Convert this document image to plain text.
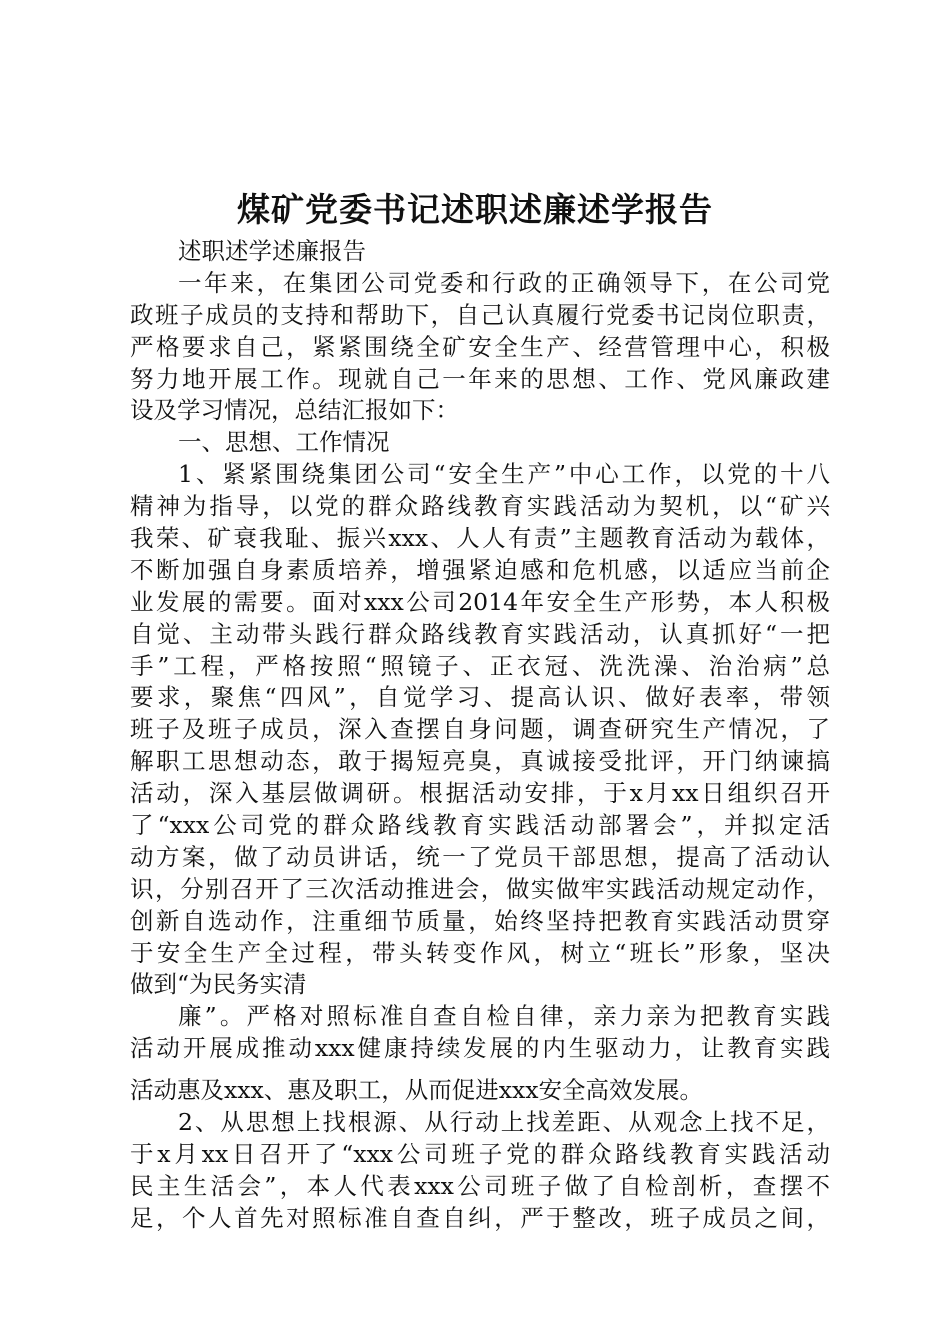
煤矿党委书记述职述廉述学报告
述职述学述廉报告
一年来，在集团公司党委和行政的正确领导下，在公司党
政班子成员的支持和帮助下，自己认真履行党委书记岗位职责，
严格要求自己，紧紧围绕全矿安全生产、经营管理中心，积极
努力地开展工作。现就自己一年来的思想、工作、党风廉政建
设及学习情况，总结汇报如下：
一、思想、工作情况
1、紧紧围绕集团公司“安全生产”中心工作，以党的十八
精神为指导，以党的群众路线教育实践活动为契机，以“矿兴
我荣、矿衰我耻、振兴xxx、人人有责”主题教育活动为载体，
不断加强自身素质培养，增强紧迫感和危机感，以适应当前企
业发展的需要。面对xxx公司2014年安全生产形势，本人积极
自觉、主动带头践行群众路线教育实践活动，认真抓好“一把
手”工程，严格按照“照镜子、正衣冠、洗洗澡、治治病”总
要求，聚焦“四风”，自觉学习、提高认识、做好表率，带领
班子及班子成员，深入查摆自身问题，调查研究生产情况，了
解职工思想动态，敢于揭短亮臭，真诚接受批评，开门纳谏搞
活动，深入基层做调研。根据活动安排，于x月xx日组织召开
了“xxx公司党的群众路线教育实践活动部署会”，并拟定活
动方案，做了动员讲话，统一了党员干部思想，提高了活动认
识，分别召开了三次活动推进会，做实做牢实践活动规定动作，
创新自选动作，注重细节质量，始终坚持把教育实践活动贯穿
于安全生产全过程，带头转变作风，树立“班长”形象，坚决
做到“为民务实清
廉”。严格对照标准自查自检自律，亲力亲为把教育实践
活动开展成推动xxx健康持续发展的内生驱动力，让教育实践
活动惠及xxx、惠及职工，从而促进xxx安全高效发展。
2、从思想上找根源、从行动上找差距、从观念上找不足，
于x月xx日召开了“xxx公司班子党的群众路线教育实践活动
民主生活会”，本人代表xxx公司班子做了自检剖析，查摆不
足，个人首先对照标准自查自纠，严于整改，班子成员之间，
